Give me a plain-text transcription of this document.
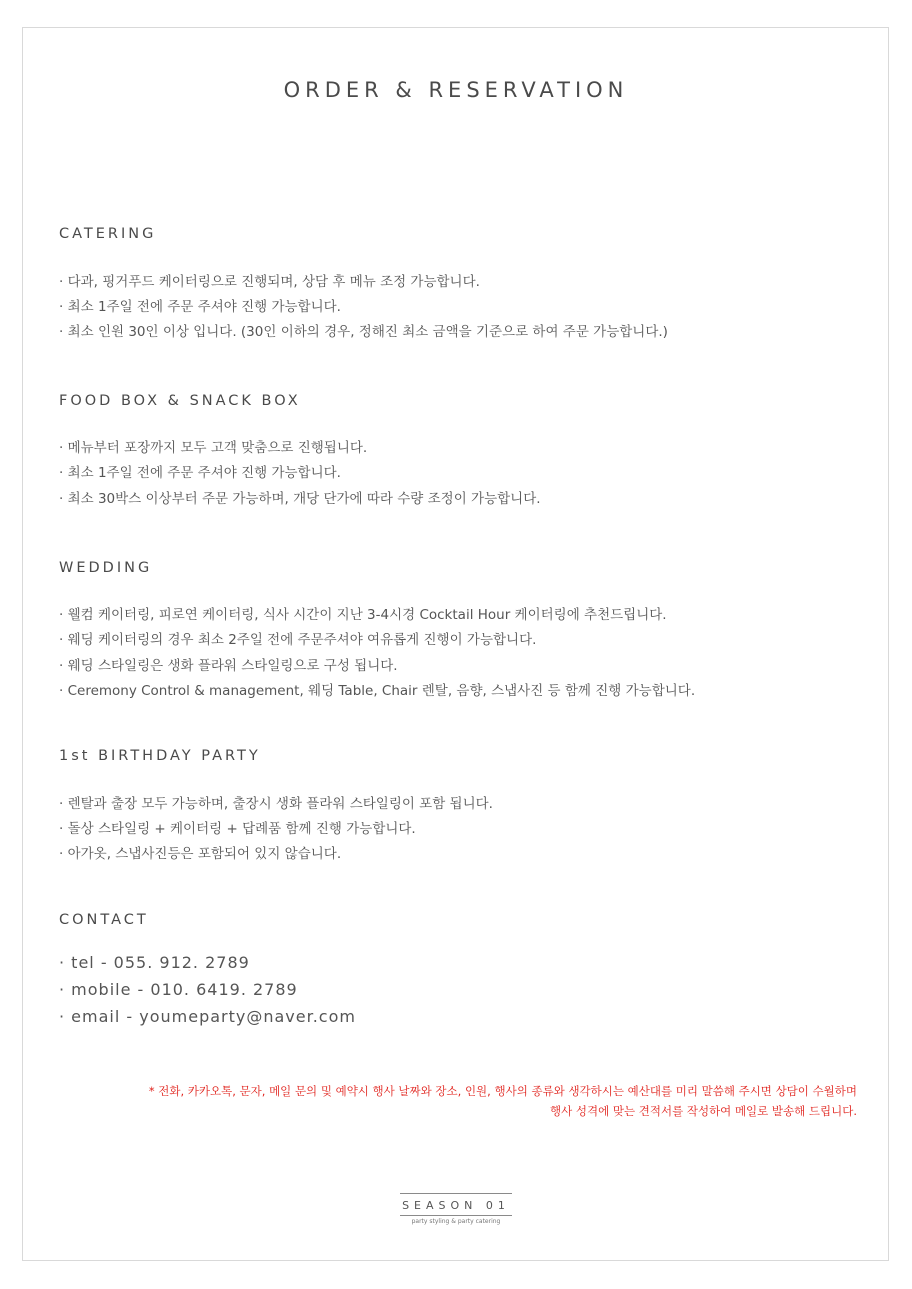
ORDER & RESERVATION
CATERING
· 다과, 핑거푸드 케이터링으로 진행되며, 상담 후 메뉴 조정 가능합니다.
· 최소 1주일 전에 주문 주셔야 진행 가능합니다.
· 최소 인원 30인 이상 입니다. (30인 이하의 경우, 정해진 최소 금액을 기준으로 하여 주문 가능합니다.)
FOOD BOX & SNACK BOX
· 메뉴부터 포장까지 모두 고객 맞춤으로 진행됩니다.
· 최소 1주일 전에 주문 주셔야 진행 가능합니다.
· 최소 30박스 이상부터 주문 가능하며, 개당 단가에 따라 수량 조정이 가능합니다.
WEDDING
· 웰컴 케이터링, 피로연 케이터링, 식사 시간이 지난 3-4시경 Cocktail Hour 케이터링에 추천드립니다.
· 웨딩 케이터링의 경우 최소 2주일 전에 주문주셔야 여유롭게 진행이 가능합니다.
· 웨딩 스타일링은 생화 플라워 스타일링으로 구성 됩니다.
· Ceremony Control & management, 웨딩 Table, Chair 렌탈, 음향, 스냅사진 등 함께 진행 가능합니다.
1st BIRTHDAY PARTY
· 렌탈과 출장 모두 가능하며, 출장시 생화 플라워 스타일링이 포함 됩니다.
· 돌상 스타일링 + 케이터링 + 답례품 함께 진행 가능합니다.
· 아가옷, 스냅사진등은 포함되어 있지 않습니다.
CONTACT
· tel - 055. 912. 2789
· mobile - 010. 6419. 2789
· email - youmeparty@naver.com
* 전화, 카카오톡, 문자, 메일 문의 및 예약시 행사 날짜와 장소, 인원, 행사의 종류와 생각하시는 예산대를 미리 말씀해 주시면 상담이 수월하며
행사 성격에 맞는 견적서를 작성하여 메일로 발송해 드립니다.
SEASON 01
party styling & party catering
